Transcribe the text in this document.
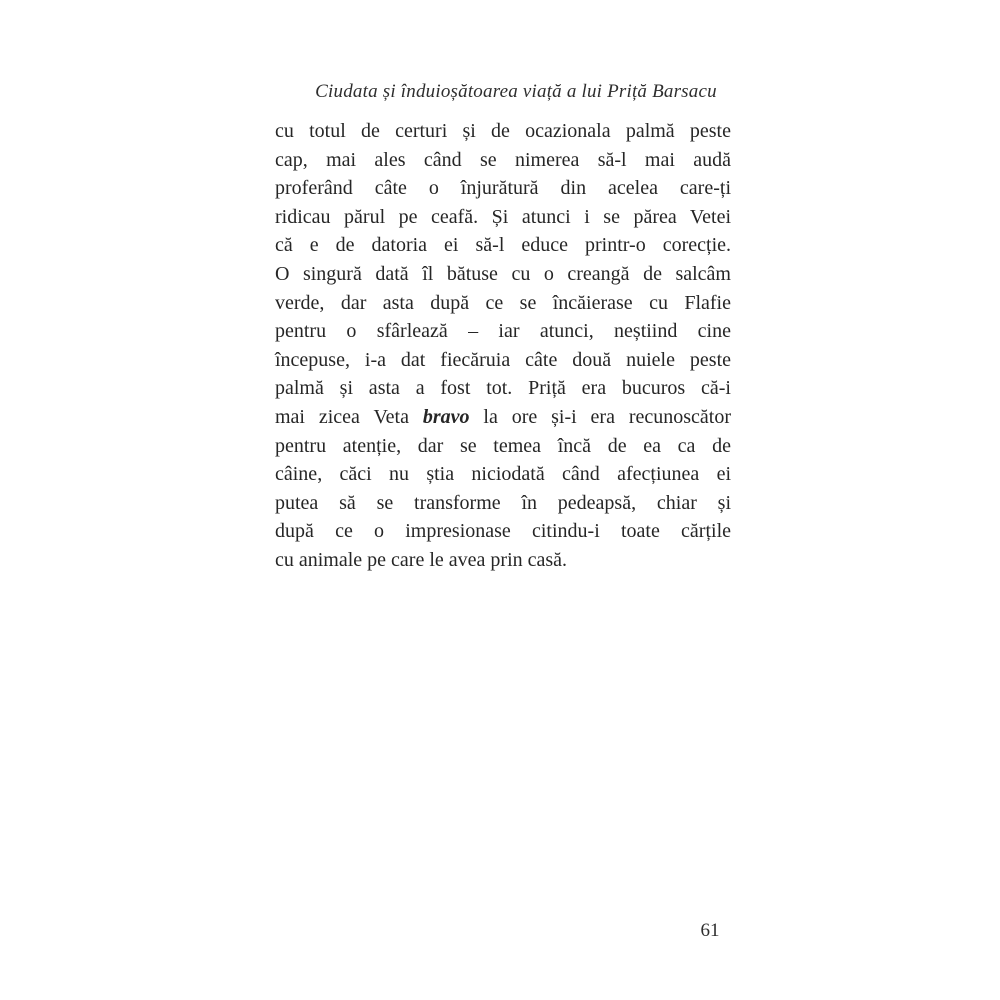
Ciudata și înduioșătoarea viață a lui Priță Barsacu
cu totul de certuri și de ocazionala palmă peste
cap, mai ales când se nimerea să-l mai audă
proferând câte o înjurătură din acelea care-ți
ridicau părul pe ceafă. Și atunci i se părea Vetei
că e de datoria ei să-l educe printr-o corecție.
O singură dată îl bătuse cu o creangă de salcâm
verde, dar asta după ce se încăierase cu Flafie
pentru o sfârlează – iar atunci, neștiind cine
începuse, i-a dat fiecăruia câte două nuiele peste
palmă și asta a fost tot. Priță era bucuros că-i
mai zicea Veta bravo la ore și-i era recunoscător
pentru atenție, dar se temea încă de ea ca de
câine, căci nu știa niciodată când afecțiunea ei
putea să se transforme în pedeapsă, chiar și
după ce o impresionase citindu-i toate cărțile
cu animale pe care le avea prin casă.
61
